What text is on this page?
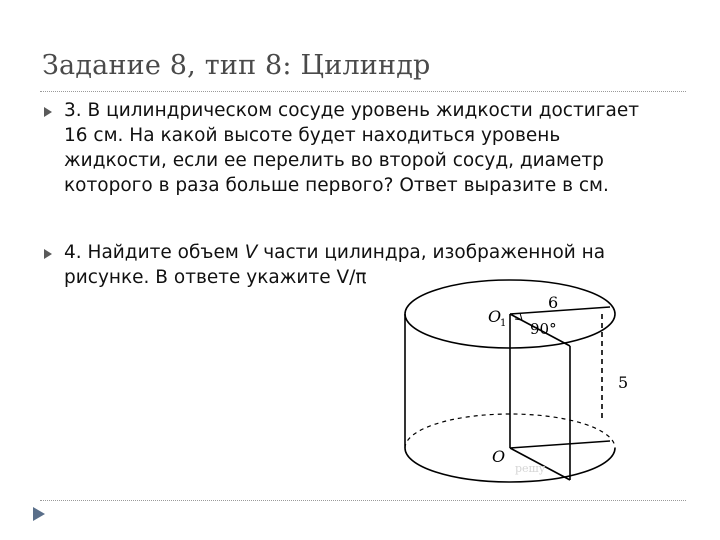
Задание 8, тип 8: Цилиндр
3. В цилиндрическом сосуде уровень жидкости достигает
16 см. На какой высоте будет находиться уровень
жидкости, если ее перелить во второй сосуд, диаметр
которого в раза больше первого? Ответ выразите в см.
4. Найдите объем V части цилиндра, изображенной на
рисунке. В ответе укажите V/π
O
1
6
90°
5
O
решу
